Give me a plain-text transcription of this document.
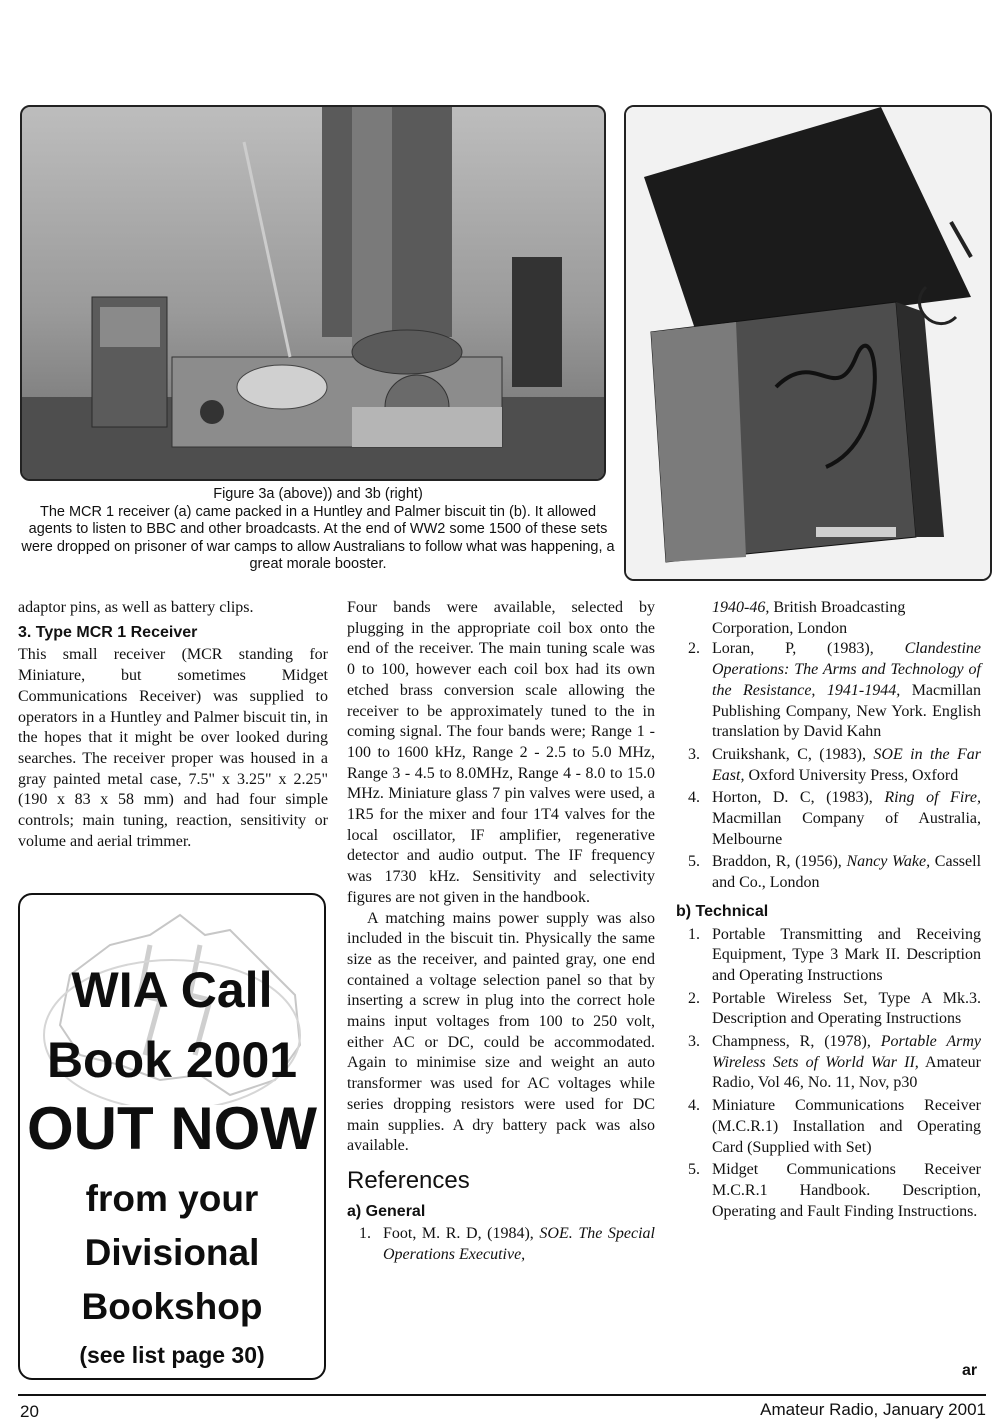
Figure 3a (above)) and 3b (right)
The MCR 1 receiver (a) came packed in a Huntley and Palmer biscuit tin (b). It allowed agents to listen to BBC and other broadcasts. At the end of WW2 some 1500 of these sets were dropped on prisoner of war camps to allow Australians to follow what was happening, a great morale booster.

adaptor pins, as well as battery clips.

3. Type MCR 1 Receiver

This small receiver (MCR standing for Miniature, but sometimes Midget Communications Receiver) was supplied to operators in a Huntley and Palmer biscuit tin, in the hopes that it might be over looked during searches. The receiver proper was housed in a gray painted metal case, 7.5" x 3.25" x 2.25" (190 x 83 x 58 mm) and had four simple controls; main tuning, reaction, sensitivity or volume and aerial trimmer.

WIA Call
Book 2001
OUT NOW
from your
Divisional
Bookshop
(see list page 30)

Four bands were available, selected by plugging in the appropriate coil box onto the end of the receiver. The main tuning scale was 0 to 100, however each coil box had its own etched brass conversion scale allowing the receiver to be approximately tuned to the in coming signal. The four bands were; Range 1 - 100 to 1600 kHz, Range 2 - 2.5 to 5.0 MHz, Range 3 - 4.5 to 8.0MHz, Range 4 - 8.0 to 15.0 MHz. Miniature glass 7 pin valves were used, a 1R5 for the mixer and four 1T4 valves for the local oscillator, IF amplifier, regenerative detector and audio output. The IF frequency was 1730 kHz. Sensitivity and selectivity figures are not given in the handbook.

A matching mains power supply was also included in the biscuit tin. Physically the same size as the receiver, and painted gray, one end contained a voltage selection panel so that by inserting a screw in plug into the correct hole mains input voltages from 100 to 250 volt, either AC or DC, could be accommodated. Again to minimise size and weight an auto transformer was used for AC voltages while series dropping resistors were used for DC main supplies. A dry battery pack was also available.

References
a) General
1. Foot, M. R. D, (1984), SOE. The Special Operations Executive,
1940-46, British Broadcasting Corporation, London
2. Loran, P, (1983), Clandestine Operations: The Arms and Technology of the Resistance, 1941-1944, Macmillan Publishing Company, New York. English translation by David Kahn
3. Cruikshank, C, (1983), SOE in the Far East, Oxford University Press, Oxford
4. Horton, D. C, (1983), Ring of Fire, Macmillan Company of Australia, Melbourne
5. Braddon, R, (1956), Nancy Wake, Cassell and Co., London
b) Technical
1. Portable Transmitting and Receiving Equipment, Type 3 Mark II. Description and Operating Instructions
2. Portable Wireless Set, Type A Mk.3. Description and Operating Instructions
3. Champness, R, (1978), Portable Army Wireless Sets of World War II, Amateur Radio, Vol 46, No. 11, Nov, p30
4. Miniature Communications Receiver (M.C.R.1) Installation and Operating Card (Supplied with Set)
5. Midget Communications Receiver M.C.R.1 Handbook. Description, Operating and Fault Finding Instructions.
ar
20	Amateur Radio, January 2001
